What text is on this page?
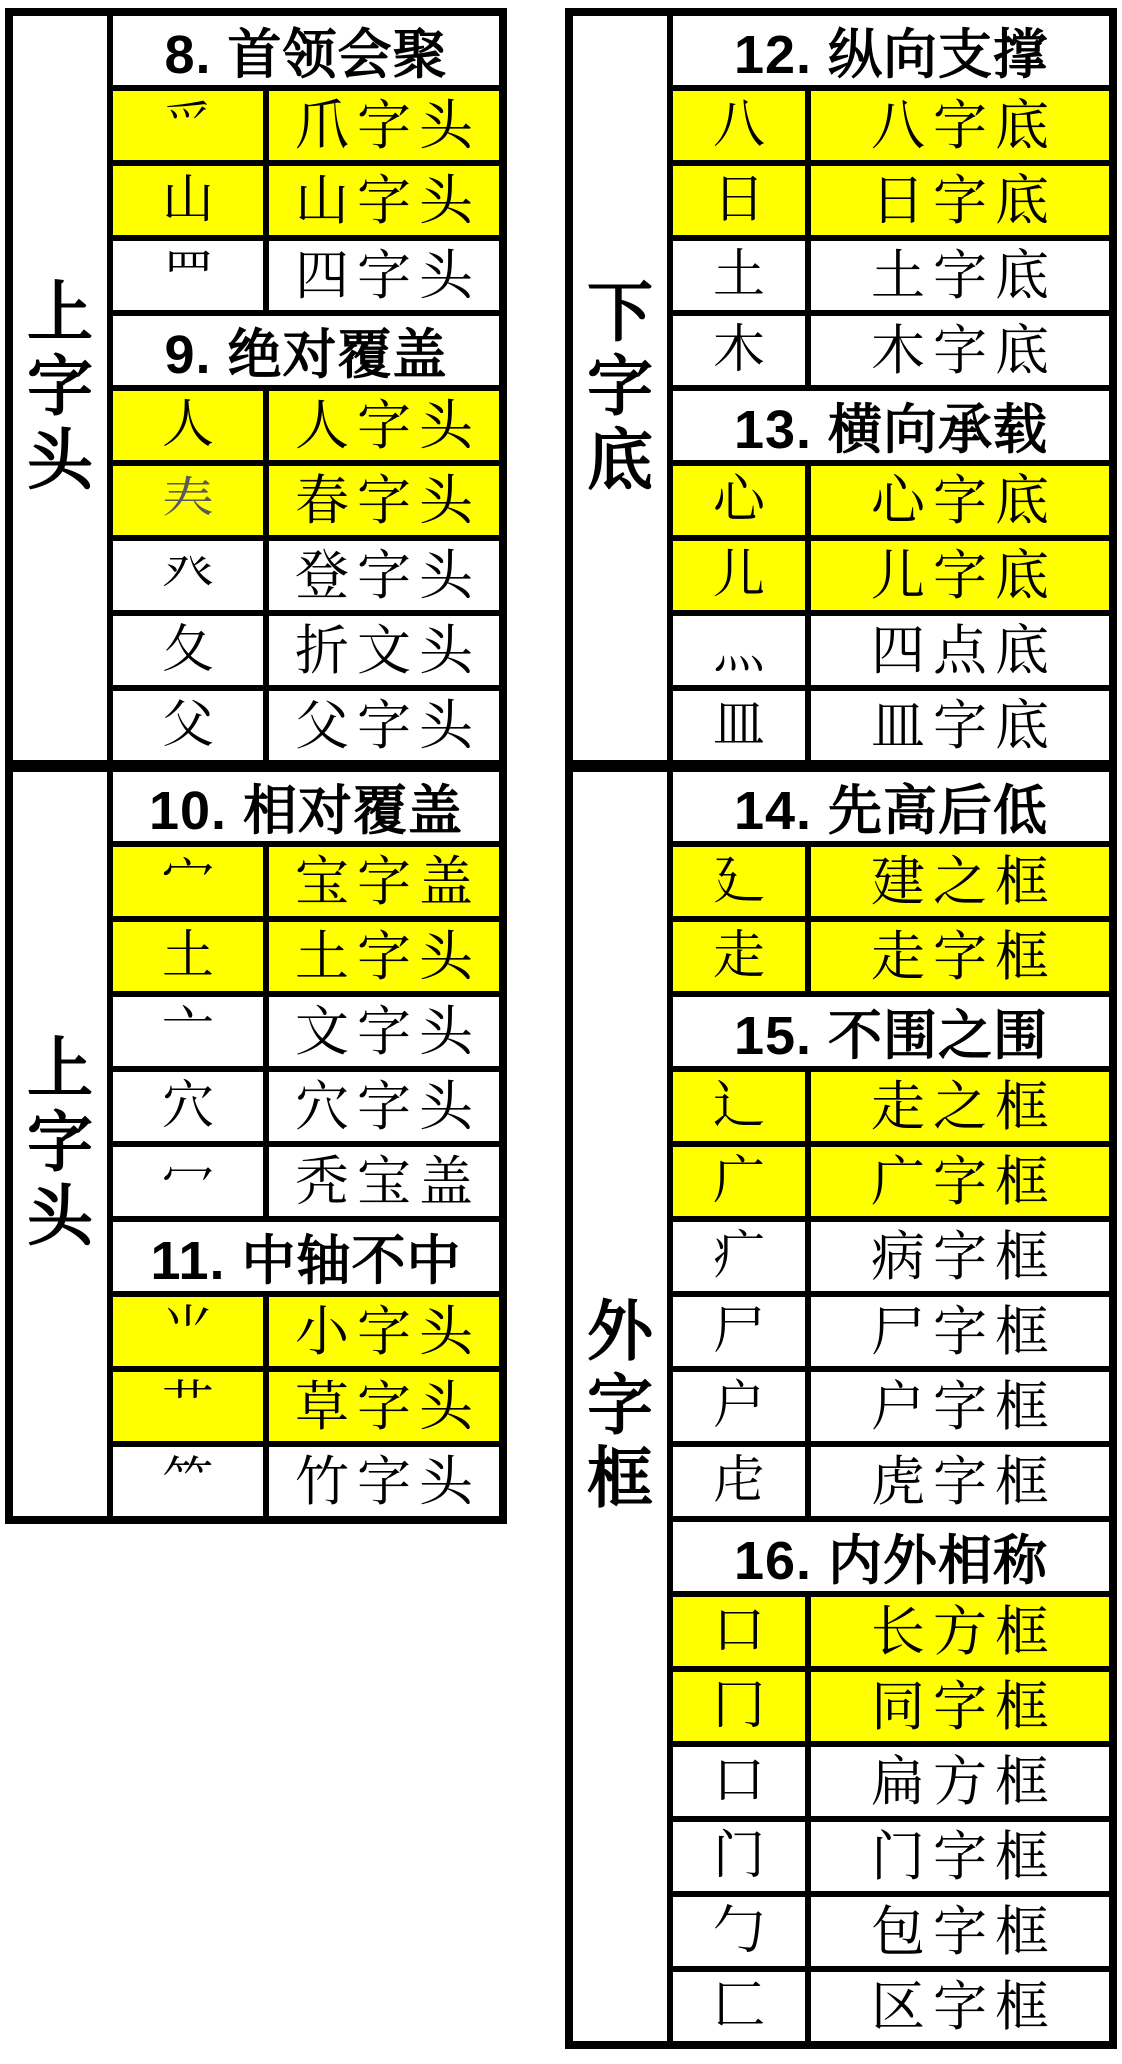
上
字
头
8. 首领会聚
爫	爪字头
山	山字头
罒	四字头
9. 绝对覆盖
人	人字头
𡗗	春字头
癶	登字头
夂	折文头
父	父字头
上
字
头
10. 相对覆盖
宀	宝字盖
土	土字头
亠	文字头
穴	穴字头
冖	秃宝盖
11. 中轴不中
⺌	小字头
艹	草字头
⺮	竹字头
下
字
底
12. 纵向支撑
八	八字底
日	日字底
土	土字底
木	木字底
13. 横向承载
心	心字底
儿	儿字底
灬	四点底
皿	皿字底
外
字
框
14. 先高后低
廴	建之框
走	走字框
15. 不围之围
辶	走之框
广	广字框
疒	病字框
尸	尸字框
户	户字框
虍	虎字框
16. 内外相称
口	长方框
冂	同字框
口	扁方框
门	门字框
勹	包字框
匚	区字框
